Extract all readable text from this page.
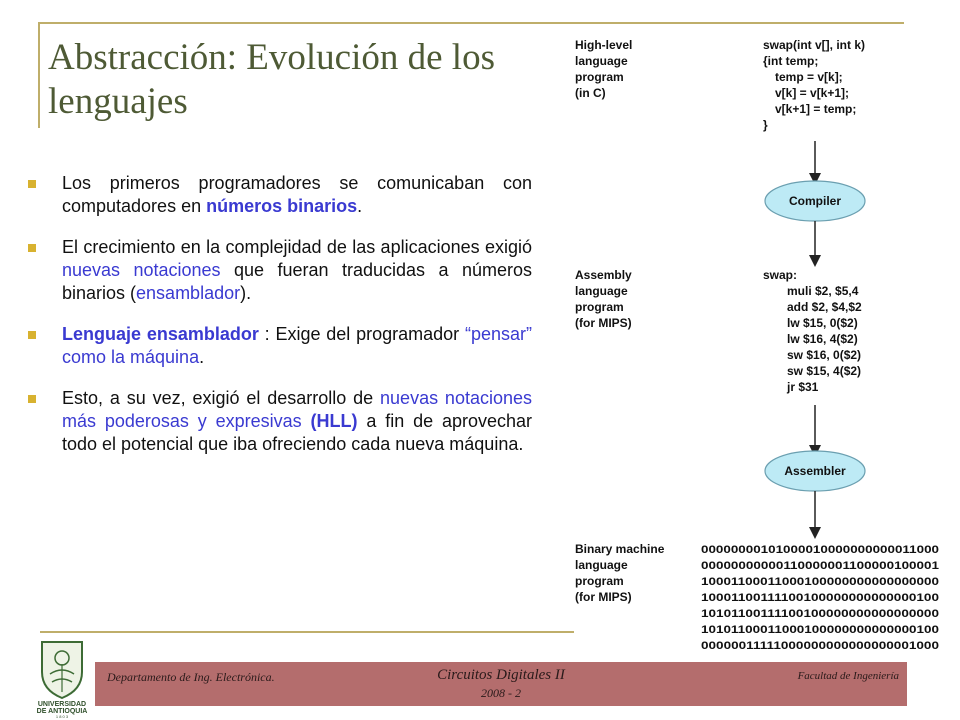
Abstracción: Evolución de los lenguajes
Los primeros programadores se comunicaban con computadores en números binarios.
El crecimiento en la complejidad de las aplicaciones exigió nuevas notaciones que fueran traducidas a números binarios (ensamblador).
Lenguaje ensamblador : Exige del programador “pensar” como la máquina.
Esto, a su vez, exigió el desarrollo de nuevas notaciones más poderosas y expresivas (HLL) a fin de aprovechar todo el potencial que iba ofreciendo cada nueva máquina.
High-level language program (in C)
swap(int v[], int k) {int temp; temp = v[k]; v[k] = v[k+1]; v[k+1] = temp; }
Compiler
Assembly language program (for MIPS)
swap: muli $2, $5,4 add $2, $4,$2 lw $15, 0($2) lw $16, 4($2) sw $16, 0($2) sw $15, 4($2) jr $31
Assembler
Binary machine language program (for MIPS)
00000000101000010000000000011000 00000000000110000001100000100001 10001100011000100000000000000000 10001100111100100000000000000100 10101100111100100000000000000000 10101100011000100000000000000100 00000011111000000000000000001000
UNIVERSIDAD
DE ANTIOQUIA
1 8 0 3
Departamento de Ing. Electrónica.	Circuitos Digitales II
2008 - 2
Facultad de Ingeniería
